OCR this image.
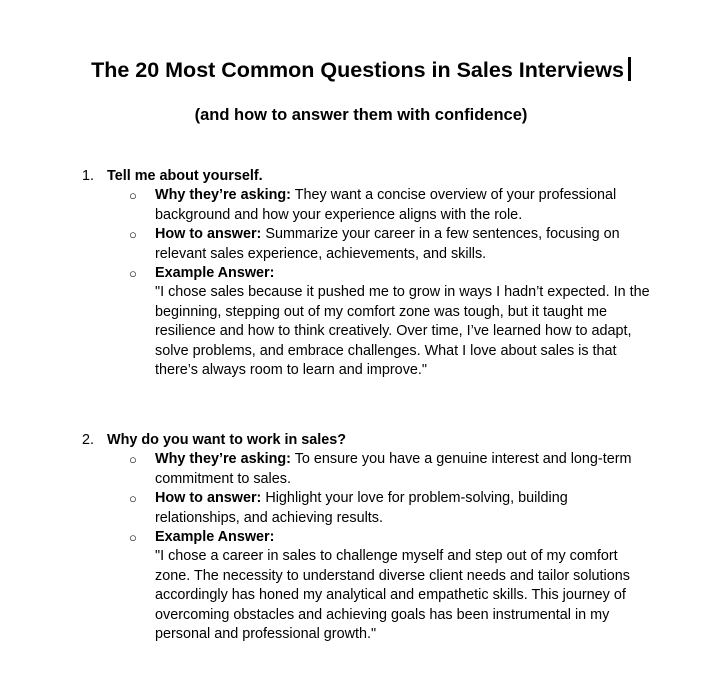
The 20 Most Common Questions in Sales Interviews
(and how to answer them with confidence)
1. Tell me about yourself.
○ Why they’re asking: They want a concise overview of your professional
background and how your experience aligns with the role.
○ How to answer: Summarize your career in a few sentences, focusing on
relevant sales experience, achievements, and skills.
○ Example Answer:
"I chose sales because it pushed me to grow in ways I hadn’t expected. In the
beginning, stepping out of my comfort zone was tough, but it taught me
resilience and how to think creatively. Over time, I’ve learned how to adapt,
solve problems, and embrace challenges. What I love about sales is that
there’s always room to learn and improve."
2. Why do you want to work in sales?
○ Why they’re asking: To ensure you have a genuine interest and long-term
commitment to sales.
○ How to answer: Highlight your love for problem-solving, building
relationships, and achieving results.
○ Example Answer:
"I chose a career in sales to challenge myself and step out of my comfort
zone. The necessity to understand diverse client needs and tailor solutions
accordingly has honed my analytical and empathetic skills. This journey of
overcoming obstacles and achieving goals has been instrumental in my
personal and professional growth."
